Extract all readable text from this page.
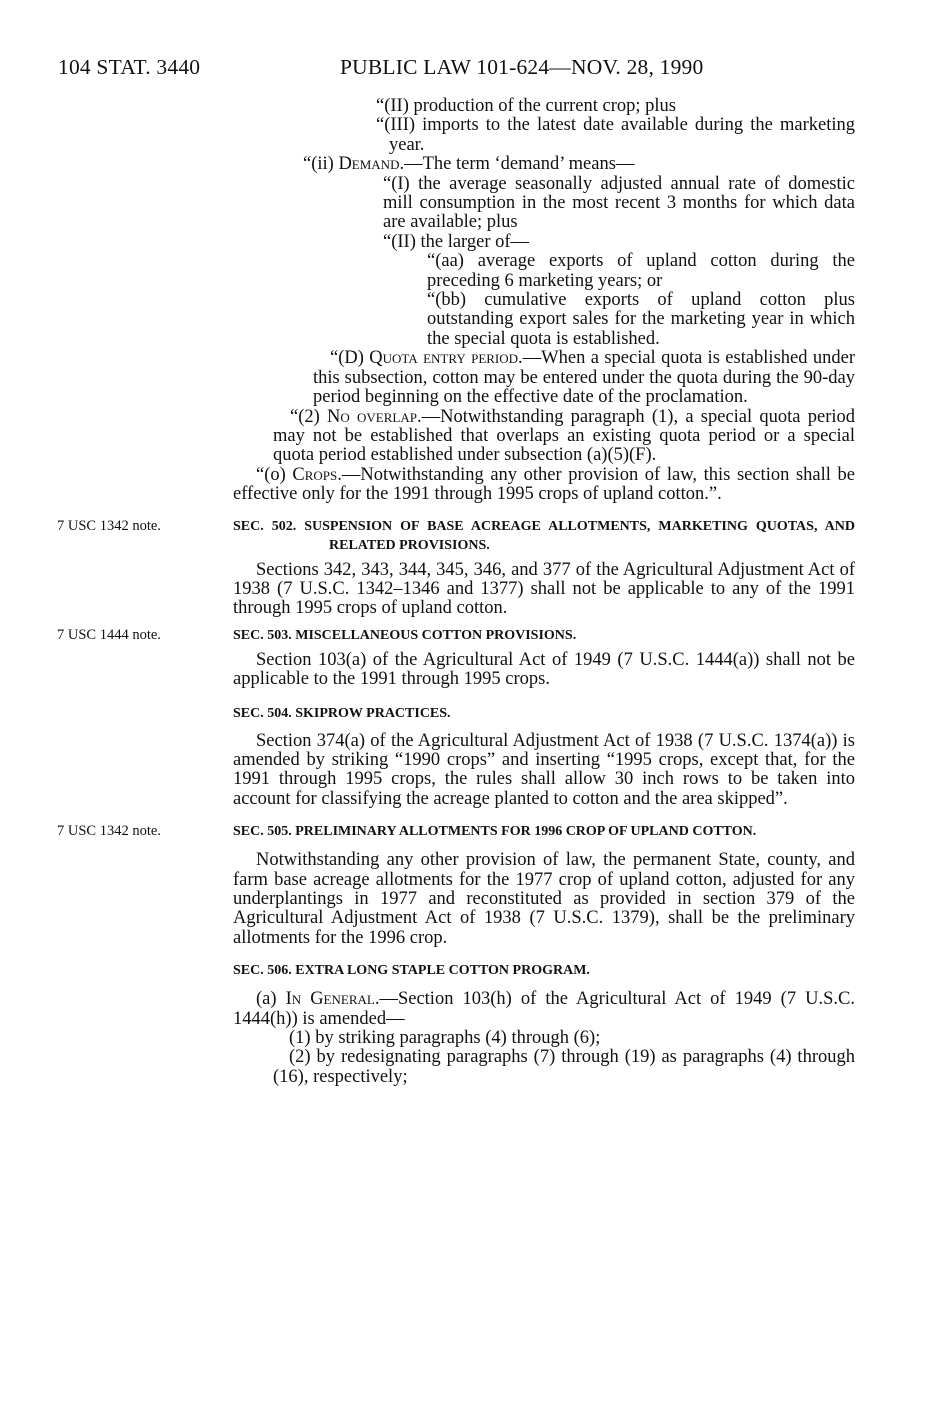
104 STAT. 3440	PUBLIC LAW 101-624—NOV. 28, 1990

“(II) production of the current crop; plus

“(III) imports to the latest date available during the marketing year.

“(ii) Demand.—The term ‘demand’ means—

“(I) the average seasonally adjusted annual rate of domestic mill consumption in the most recent 3 months for which data are available; plus

“(II) the larger of—

“(aa) average exports of upland cotton during the preceding 6 marketing years; or

“(bb) cumulative exports of upland cotton plus outstanding export sales for the marketing year in which the special quota is established.

“(D) Quota entry period.—When a special quota is established under this subsection, cotton may be entered under the quota during the 90-day period beginning on the effective date of the proclamation.

“(2) No overlap.—Notwithstanding paragraph (1), a special quota period may not be established that overlaps an existing quota period or a special quota period established under subsection (a)(5)(F).

“(o) Crops.—Notwithstanding any other provision of law, this section shall be effective only for the 1991 through 1995 crops of upland cotton.”.

7 USC 1342 note.	SEC. 502. SUSPENSION OF BASE ACREAGE ALLOTMENTS, MARKETING QUOTAS, AND RELATED PROVISIONS.

Sections 342, 343, 344, 345, 346, and 377 of the Agricultural Adjustment Act of 1938 (7 U.S.C. 1342–1346 and 1377) shall not be applicable to any of the 1991 through 1995 crops of upland cotton.

7 USC 1444 note.	SEC. 503. MISCELLANEOUS COTTON PROVISIONS.

Section 103(a) of the Agricultural Act of 1949 (7 U.S.C. 1444(a)) shall not be applicable to the 1991 through 1995 crops.

SEC. 504. SKIPROW PRACTICES.

Section 374(a) of the Agricultural Adjustment Act of 1938 (7 U.S.C. 1374(a)) is amended by striking “1990 crops” and inserting “1995 crops, except that, for the 1991 through 1995 crops, the rules shall allow 30 inch rows to be taken into account for classifying the acreage planted to cotton and the area skipped”.

7 USC 1342 note.	SEC. 505. PRELIMINARY ALLOTMENTS FOR 1996 CROP OF UPLAND COTTON.

Notwithstanding any other provision of law, the permanent State, county, and farm base acreage allotments for the 1977 crop of upland cotton, adjusted for any underplantings in 1977 and reconstituted as provided in section 379 of the Agricultural Adjustment Act of 1938 (7 U.S.C. 1379), shall be the preliminary allotments for the 1996 crop.

SEC. 506. EXTRA LONG STAPLE COTTON PROGRAM.

(a) In General.—Section 103(h) of the Agricultural Act of 1949 (7 U.S.C. 1444(h)) is amended—

(1) by striking paragraphs (4) through (6);

(2) by redesignating paragraphs (7) through (19) as paragraphs (4) through (16), respectively;
